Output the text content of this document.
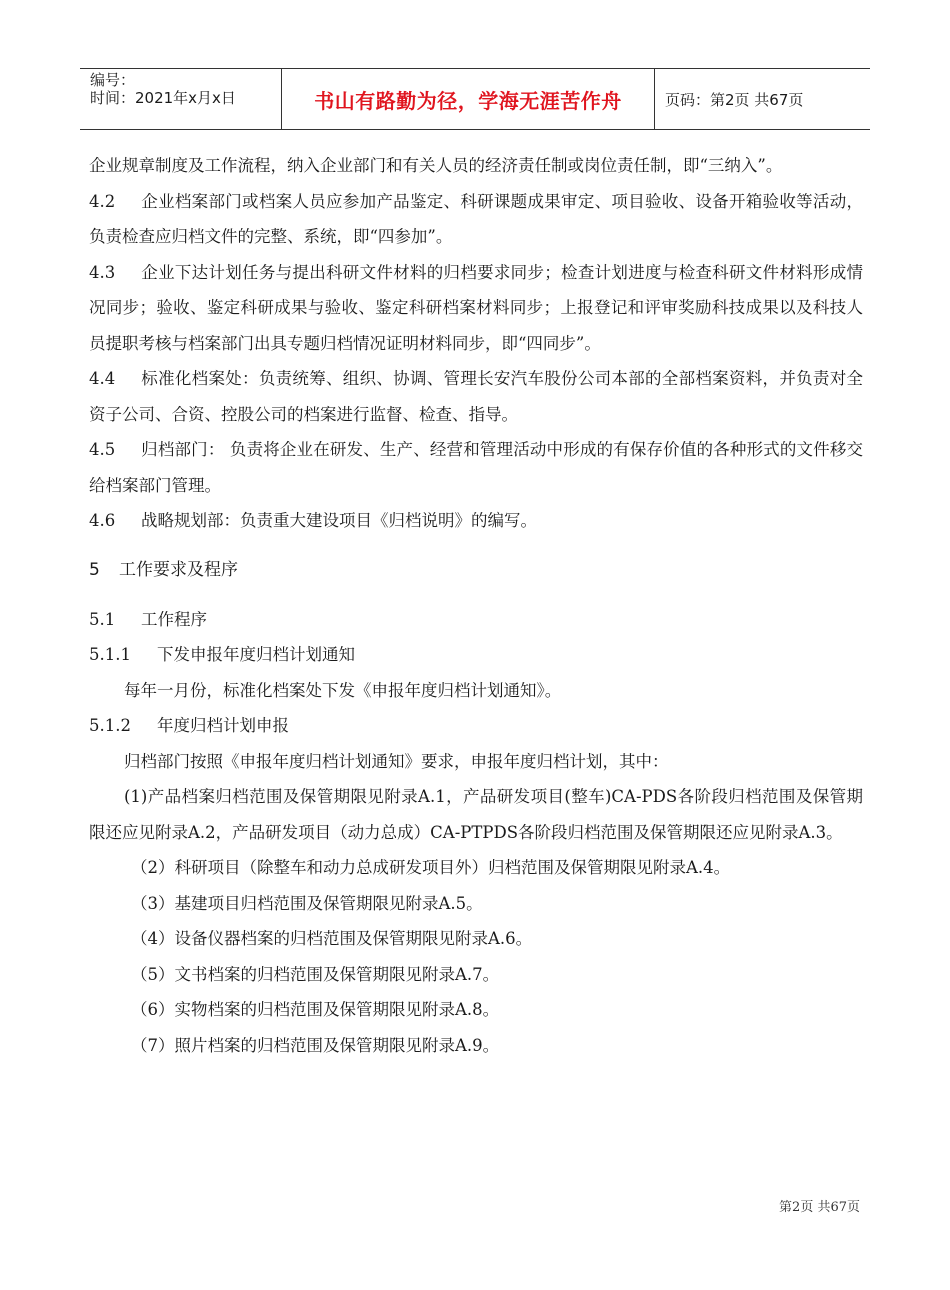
编号：
时间：2021年x月x日	书山有路勤为径，学海无涯苦作舟	页码：第2页 共67页

企业规章制度及工作流程，纳入企业部门和有关人员的经济责任制或岗位责任制，即“三纳入”。

4.2 企业档案部门或档案人员应参加产品鉴定、科研课题成果审定、项目验收、设备开箱验收等活动，负责检查应归档文件的完整、系统，即“四参加”。

4.3 企业下达计划任务与提出科研文件材料的归档要求同步；检查计划进度与检查科研文件材料形成情况同步；验收、鉴定科研成果与验收、鉴定科研档案材料同步；上报登记和评审奖励科技成果以及科技人员提职考核与档案部门出具专题归档情况证明材料同步，即“四同步”。

4.4 标准化档案处：负责统筹、组织、协调、管理长安汽车股份公司本部的全部档案资料，并负责对全资子公司、合资、控股公司的档案进行监督、检查、指导。

4.5 归档部门： 负责将企业在研发、生产、经营和管理活动中形成的有保存价值的各种形式的文件移交给档案部门管理。

4.6 战略规划部：负责重大建设项目《归档说明》的编写。

5 工作要求及程序

5.1 工作程序

5.1.1 下发申报年度归档计划通知

每年一月份，标准化档案处下发《申报年度归档计划通知》。

5.1.2 年度归档计划申报

归档部门按照《申报年度归档计划通知》要求，申报年度归档计划，其中：

(1)产品档案归档范围及保管期限见附录A.1，产品研发项目(整车)CA-PDS各阶段归档范围及保管期限还应见附录A.2，产品研发项目（动力总成）CA-PTPDS各阶段归档范围及保管期限还应见附录A.3。

（2）科研项目（除整车和动力总成研发项目外）归档范围及保管期限见附录A.4。

（3）基建项目归档范围及保管期限见附录A.5。

（4）设备仪器档案的归档范围及保管期限见附录A.6。

（5）文书档案的归档范围及保管期限见附录A.7。

（6）实物档案的归档范围及保管期限见附录A.8。

（7）照片档案的归档范围及保管期限见附录A.9。

第2页 共67页
